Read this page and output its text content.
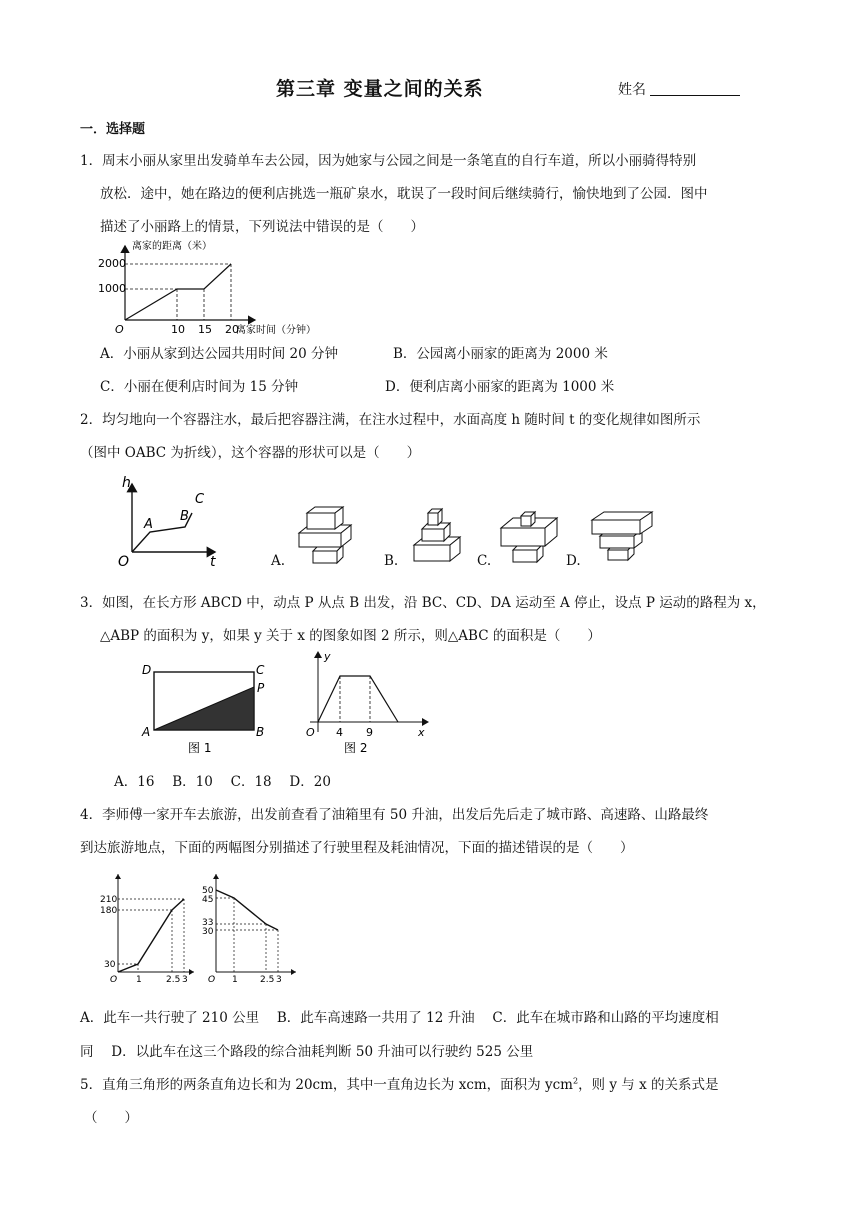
第三章 变量之间的关系	姓名
一．选择题
1．周末小丽从家里出发骑单车去公园，因为她家与公园之间是一条笔直的自行车道，所以小丽骑得特别
放松．途中，她在路边的便利店挑选一瓶矿泉水，耽误了一段时间后继续骑行，愉快地到了公园．图中
描述了小丽路上的情景，下列说法中错误的是（　　）
离家的距离（米）
2000
1000
O	10 15 20
离家时间（分钟）
A．小丽从家到达公园共用时间 20 分钟	B．公园离小丽家的距离为 2000 米
C．小丽在便利店时间为 15 分钟	D．便利店离小丽家的距离为 1000 米
2．均匀地向一个容器注水，最后把容器注满，在注水过程中，水面高度 h 随时间 t 的变化规律如图所示
（图中 OABC 为折线），这个容器的形状可以是（　　）
h
t
O
A
B
C
A.	B.	C.	D.
3．如图，在长方形 ABCD 中，动点 P 从点 B 出发，沿 BC、CD、DA 运动至 A 停止，设点 P 运动的路程为 x，
△ABP 的面积为 y，如果 y 关于 x 的图象如图 2 所示，则△ABC 的面积是（　　）
D	C
P
A	B
图 1
y
x
O 4 9
图 2
A．16　 B．10　 C．18　 D．20
4．李师傅一家开车去旅游，出发前查看了油箱里有 50 升油，出发后先后走了城市路、高速路、山路最终
到达旅游地点，下面的两幅图分别描述了行驶里程及耗油情况，下面的描述错误的是（　　）
210
180
30
O 1	2.5 3
50
45
33
30
O 1 2.5 3
A．此车一共行驶了 210 公里　 B．此车高速路一共用了 12 升油　 C．此车在城市路和山路的平均速度相
同　 D．以此车在这三个路段的综合油耗判断 50 升油可以行驶约 525 公里
5．直角三角形的两条直角边长和为 20cm，其中一直角边长为 xcm，面积为 ycm$^2$，则 y 与 x 的关系式是
（　　）
